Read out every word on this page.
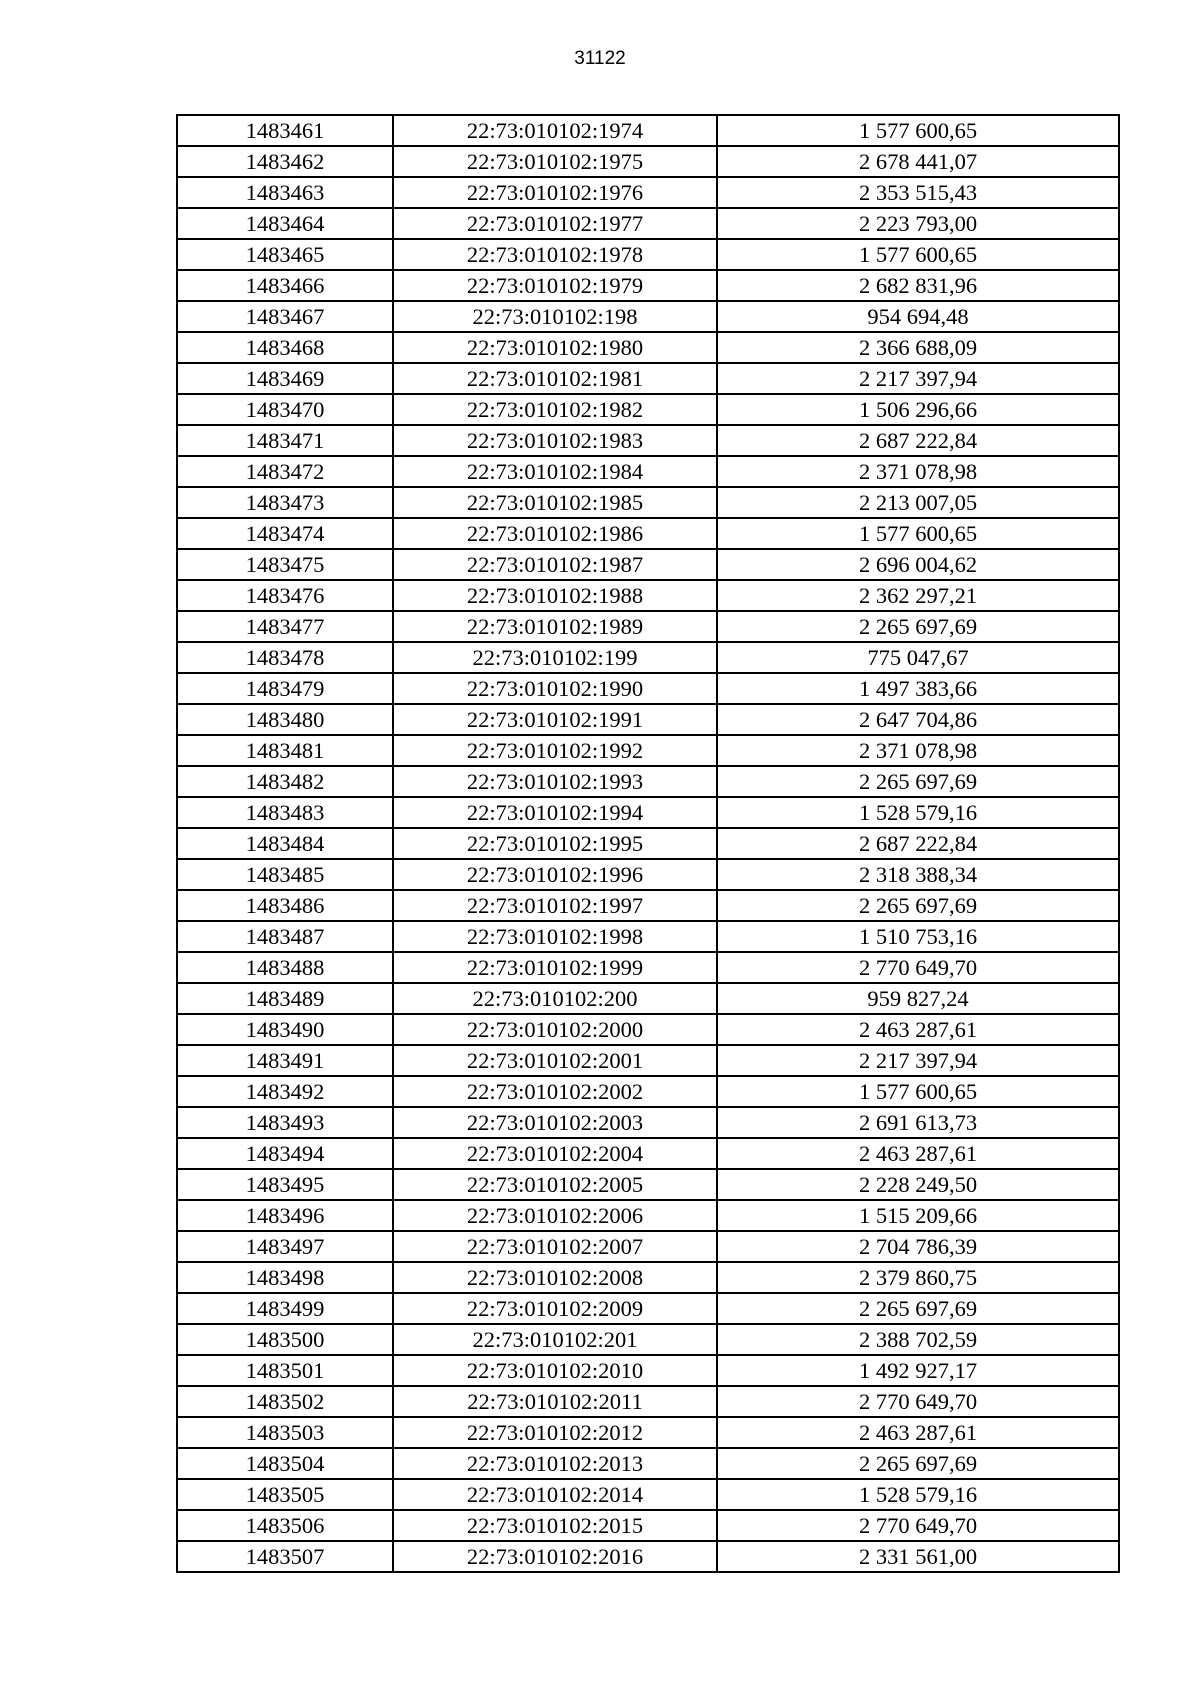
31122
1483461	22:73:010102:1974	1 577 600,65
1483462	22:73:010102:1975	2 678 441,07
1483463	22:73:010102:1976	2 353 515,43
1483464	22:73:010102:1977	2 223 793,00
1483465	22:73:010102:1978	1 577 600,65
1483466	22:73:010102:1979	2 682 831,96
1483467	22:73:010102:198	954 694,48
1483468	22:73:010102:1980	2 366 688,09
1483469	22:73:010102:1981	2 217 397,94
1483470	22:73:010102:1982	1 506 296,66
1483471	22:73:010102:1983	2 687 222,84
1483472	22:73:010102:1984	2 371 078,98
1483473	22:73:010102:1985	2 213 007,05
1483474	22:73:010102:1986	1 577 600,65
1483475	22:73:010102:1987	2 696 004,62
1483476	22:73:010102:1988	2 362 297,21
1483477	22:73:010102:1989	2 265 697,69
1483478	22:73:010102:199	775 047,67
1483479	22:73:010102:1990	1 497 383,66
1483480	22:73:010102:1991	2 647 704,86
1483481	22:73:010102:1992	2 371 078,98
1483482	22:73:010102:1993	2 265 697,69
1483483	22:73:010102:1994	1 528 579,16
1483484	22:73:010102:1995	2 687 222,84
1483485	22:73:010102:1996	2 318 388,34
1483486	22:73:010102:1997	2 265 697,69
1483487	22:73:010102:1998	1 510 753,16
1483488	22:73:010102:1999	2 770 649,70
1483489	22:73:010102:200	959 827,24
1483490	22:73:010102:2000	2 463 287,61
1483491	22:73:010102:2001	2 217 397,94
1483492	22:73:010102:2002	1 577 600,65
1483493	22:73:010102:2003	2 691 613,73
1483494	22:73:010102:2004	2 463 287,61
1483495	22:73:010102:2005	2 228 249,50
1483496	22:73:010102:2006	1 515 209,66
1483497	22:73:010102:2007	2 704 786,39
1483498	22:73:010102:2008	2 379 860,75
1483499	22:73:010102:2009	2 265 697,69
1483500	22:73:010102:201	2 388 702,59
1483501	22:73:010102:2010	1 492 927,17
1483502	22:73:010102:2011	2 770 649,70
1483503	22:73:010102:2012	2 463 287,61
1483504	22:73:010102:2013	2 265 697,69
1483505	22:73:010102:2014	1 528 579,16
1483506	22:73:010102:2015	2 770 649,70
1483507	22:73:010102:2016	2 331 561,00
